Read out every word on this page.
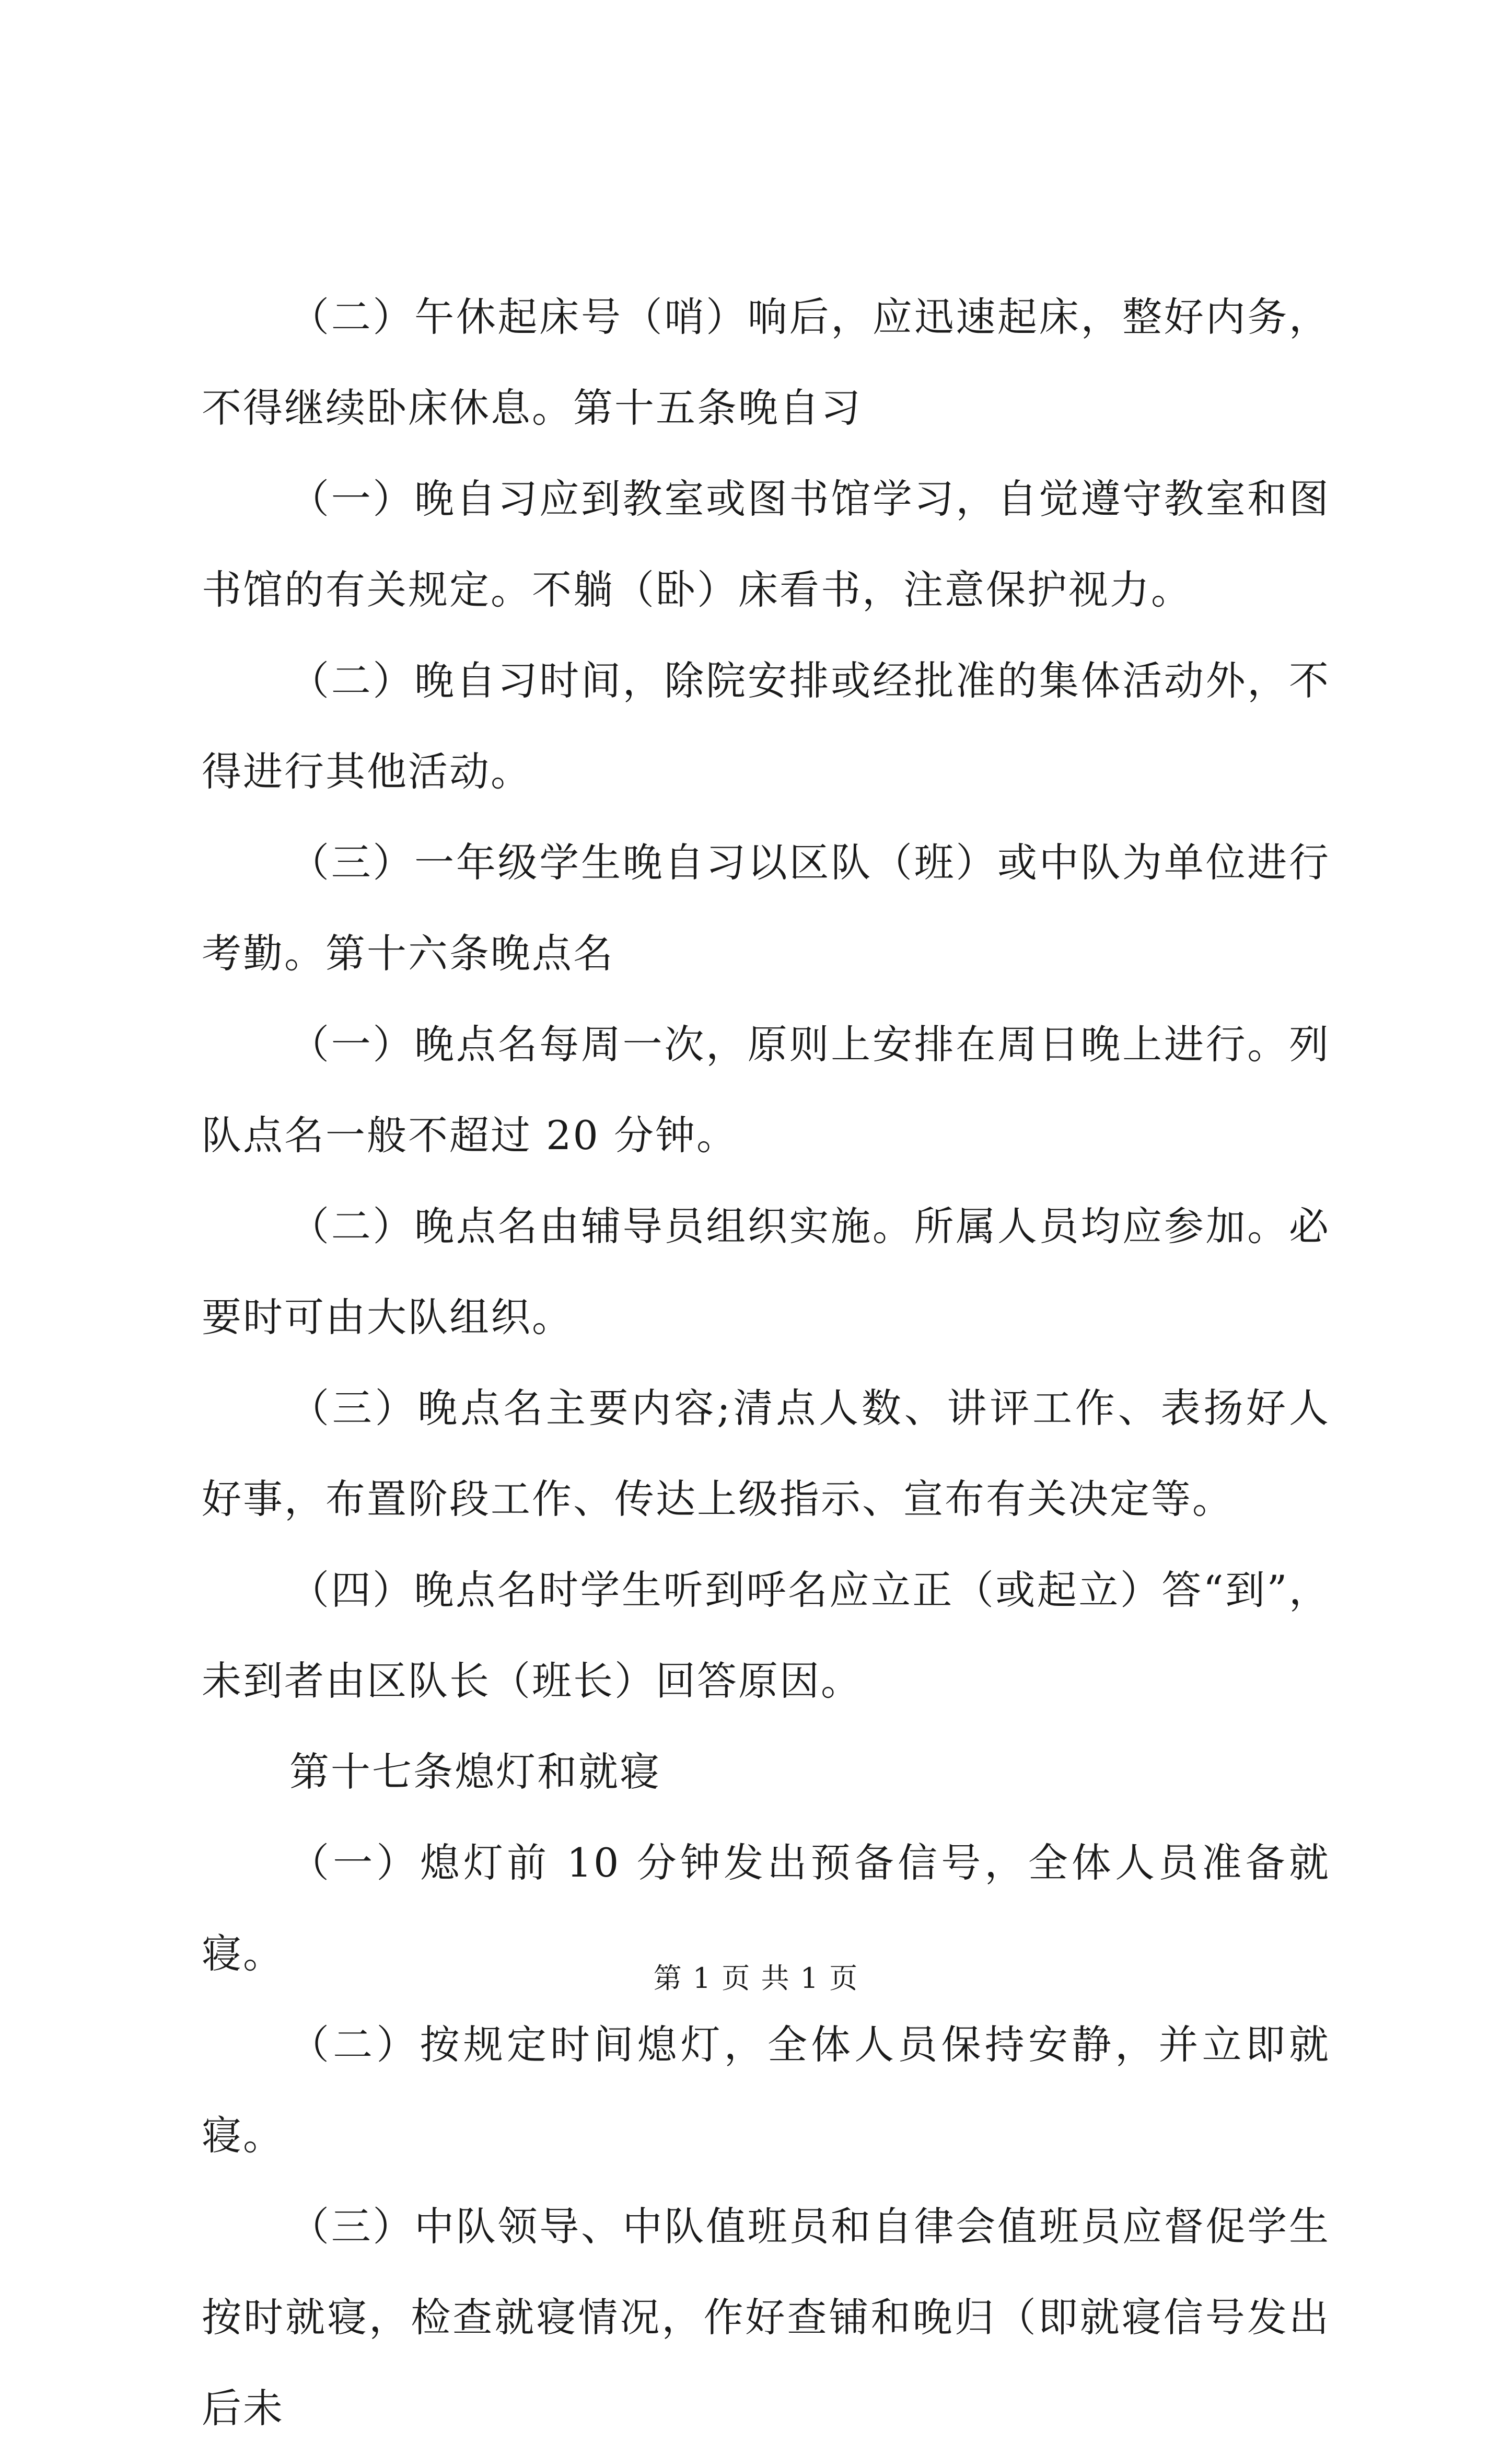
（二）午休起床号（哨）响后，应迅速起床，整好内务，不得继续卧床休息。第十五条晚自习

（一）晚自习应到教室或图书馆学习，自觉遵守教室和图书馆的有关规定。不躺（卧）床看书，注意保护视力。

（二）晚自习时间，除院安排或经批准的集体活动外，不得进行其他活动。

（三）一年级学生晚自习以区队（班）或中队为单位进行考勤。第十六条晚点名

（一）晚点名每周一次，原则上安排在周日晚上进行。列队点名一般不超过 20 分钟。

（二）晚点名由辅导员组织实施。所属人员均应参加。必要时可由大队组织。

（三）晚点名主要内容;清点人数、讲评工作、表扬好人好事，布置阶段工作、传达上级指示、宣布有关决定等。

（四）晚点名时学生听到呼名应立正（或起立）答“到”，未到者由区队长（班长）回答原因。

第十七条熄灯和就寝

（一）熄灯前 10 分钟发出预备信号，全体人员准备就寝。

（二）按规定时间熄灯，全体人员保持安静，并立即就寝。

（三）中队领导、中队值班员和自律会值班员应督促学生按时就寝，检查就寝情况，作好查铺和晚归（即就寝信号发出后未

第 1 页 共 1 页
